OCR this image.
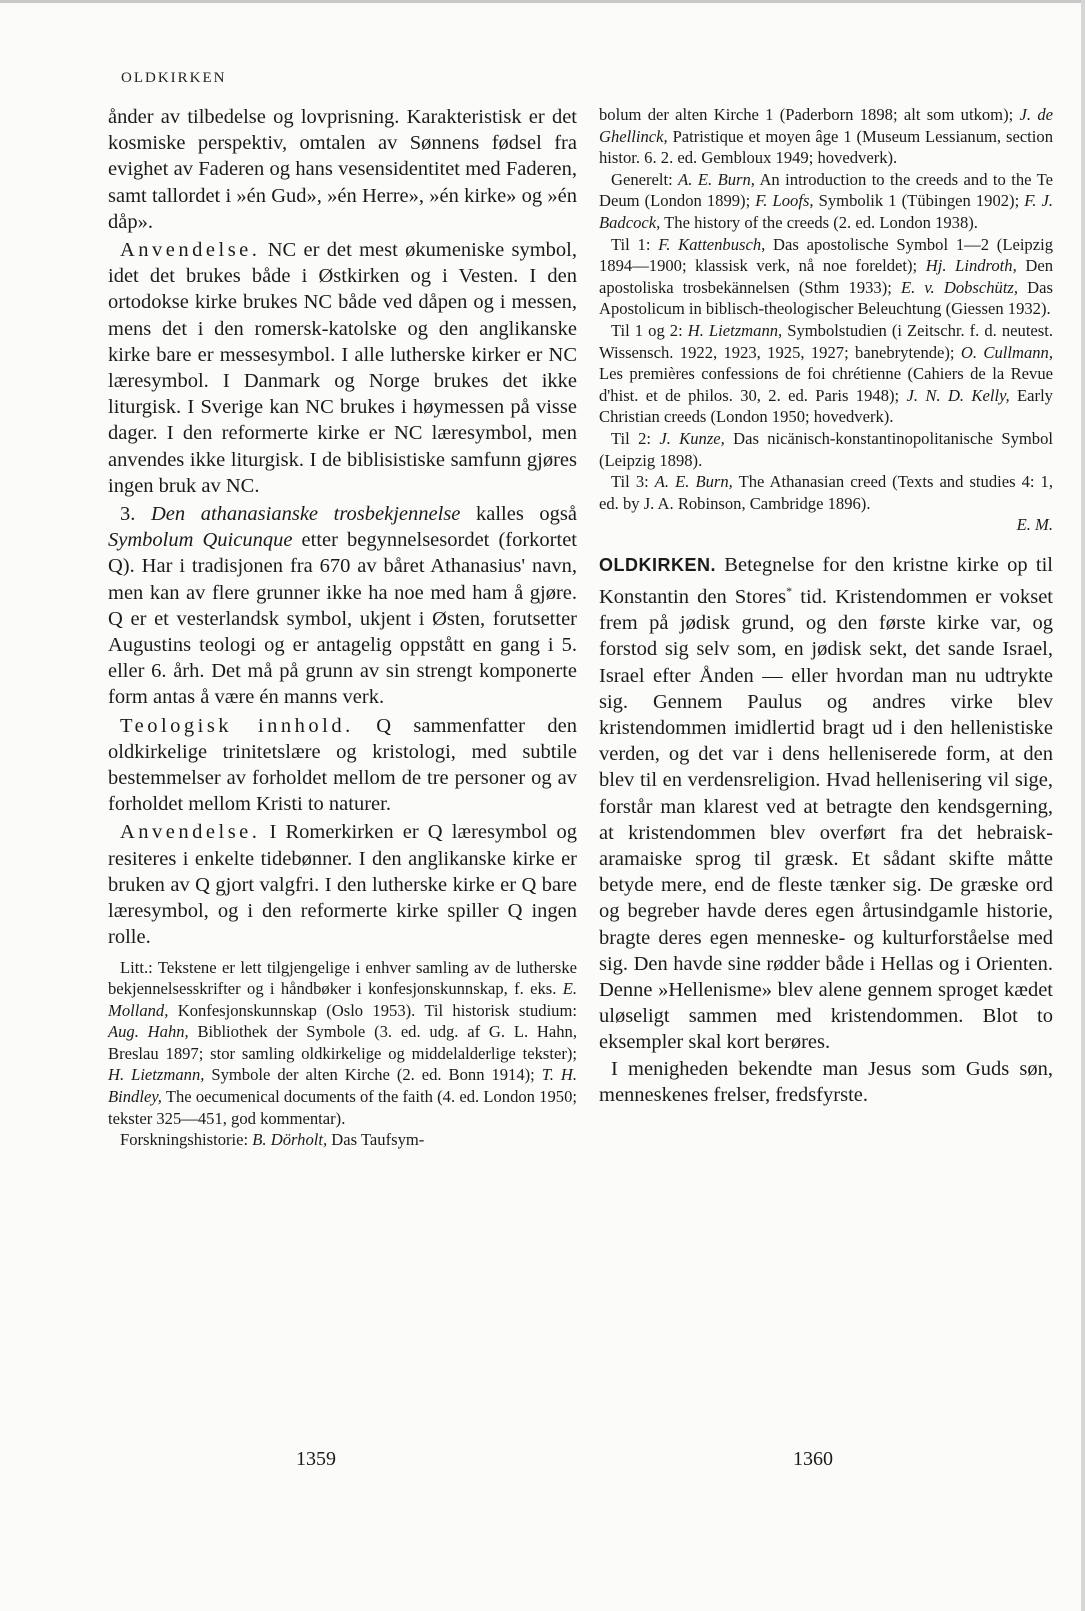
OLDKIRKEN

ånder av tilbedelse og lovprisning. Karakteristisk er det kosmiske perspektiv, omtalen av Sønnens fødsel fra evighet av Faderen og hans vesensidentitet med Faderen, samt tallordet i »én Gud», »én Herre», »én kirke» og »én dåp».

Anvendelse. NC er det mest økumeniske symbol, idet det brukes både i Østkirken og i Vesten. I den ortodokse kirke brukes NC både ved dåpen og i messen, mens det i den romersk-katolske og den anglikanske kirke bare er messesymbol. I alle lutherske kirker er NC læresymbol. I Danmark og Norge brukes det ikke liturgisk. I Sverige kan NC brukes i høymessen på visse dager. I den reformerte kirke er NC læresymbol, men anvendes ikke liturgisk. I de biblisistiske samfunn gjøres ingen bruk av NC.

3. Den athanasianske trosbekjennelse kalles også Symbolum Quicunque etter begynnelsesordet (forkortet Q). Har i tradisjonen fra 670 av båret Athanasius' navn, men kan av flere grunner ikke ha noe med ham å gjøre. Q er et vesterlandsk symbol, ukjent i Østen, forutsetter Augustins teologi og er antagelig oppstått en gang i 5. eller 6. årh. Det må på grunn av sin strengt komponerte form antas å være én manns verk.

Teologisk innhold. Q sammenfatter den oldkirkelige trinitetslære og kristologi, med subtile bestemmelser av forholdet mellom de tre personer og av forholdet mellom Kristi to naturer.

Anvendelse. I Romerkirken er Q læresymbol og resiteres i enkelte tidebønner. I den anglikanske kirke er bruken av Q gjort valgfri. I den lutherske kirke er Q bare læresymbol, og i den reformerte kirke spiller Q ingen rolle.

Litt.: Tekstene er lett tilgjengelige i enhver samling av de lutherske bekjennelsesskrifter og i håndbøker i konfesjonskunnskap, f. eks. E. Molland, Konfesjonskunnskap (Oslo 1953). Til historisk studium: Aug. Hahn, Bibliothek der Symbole (3. ed. udg. af G. L. Hahn, Breslau 1897; stor samling oldkirkelige og middelalderlige tekster); H. Lietzmann, Symbole der alten Kirche (2. ed. Bonn 1914); T. H. Bindley, The oecumenical documents of the faith (4. ed. London 1950; tekster 325—451, god kommentar).

Forskningshistorie: B. Dörholt, Das Taufsym-

bolum der alten Kirche 1 (Paderborn 1898; alt som utkom); J. de Ghellinck, Patristique et moyen âge 1 (Museum Lessianum, section histor. 6. 2. ed. Gembloux 1949; hovedverk).

Generelt: A. E. Burn, An introduction to the creeds and to the Te Deum (London 1899); F. Loofs, Symbolik 1 (Tübingen 1902); F. J. Badcock, The history of the creeds (2. ed. London 1938).

Til 1: F. Kattenbusch, Das apostolische Symbol 1—2 (Leipzig 1894—1900; klassisk verk, nå noe foreldet); Hj. Lindroth, Den apostoliska trosbekännelsen (Sthm 1933); E. v. Dobschütz, Das Apostolicum in biblisch-theologischer Beleuchtung (Giessen 1932).

Til 1 og 2: H. Lietzmann, Symbolstudien (i Zeitschr. f. d. neutest. Wissensch. 1922, 1923, 1925, 1927; banebrytende); O. Cullmann, Les premières confessions de foi chrétienne (Cahiers de la Revue d'hist. et de philos. 30, 2. ed. Paris 1948); J. N. D. Kelly, Early Christian creeds (London 1950; hovedverk).

Til 2: J. Kunze, Das nicänisch-konstantinopolitanische Symbol (Leipzig 1898).

Til 3: A. E. Burn, The Athanasian creed (Texts and studies 4: 1, ed. by J. A. Robinson, Cambridge 1896).

E. M.

OLDKIRKEN. Betegnelse for den kristne kirke op til Konstantin den Stores* tid. Kristendommen er vokset frem på jødisk grund, og den første kirke var, og forstod sig selv som, en jødisk sekt, det sande Israel, Israel efter Ånden — eller hvordan man nu udtrykte sig. Gennem Paulus og andres virke blev kristendommen imidlertid bragt ud i den hellenistiske verden, og det var i dens helleniserede form, at den blev til en verdensreligion. Hvad hellenisering vil sige, forstår man klarest ved at betragte den kendsgerning, at kristendommen blev overført fra det hebraisk-aramaiske sprog til græsk. Et sådant skifte måtte betyde mere, end de fleste tænker sig. De græske ord og begreber havde deres egen årtusindgamle historie, bragte deres egen menneske- og kulturforståelse med sig. Den havde sine rødder både i Hellas og i Orienten. Denne »Hellenisme» blev alene gennem sproget kædet uløseligt sammen med kristendommen. Blot to eksempler skal kort berøres.

I menigheden bekendte man Jesus som Guds søn, menneskenes frelser, fredsfyrste.

1359	1360
